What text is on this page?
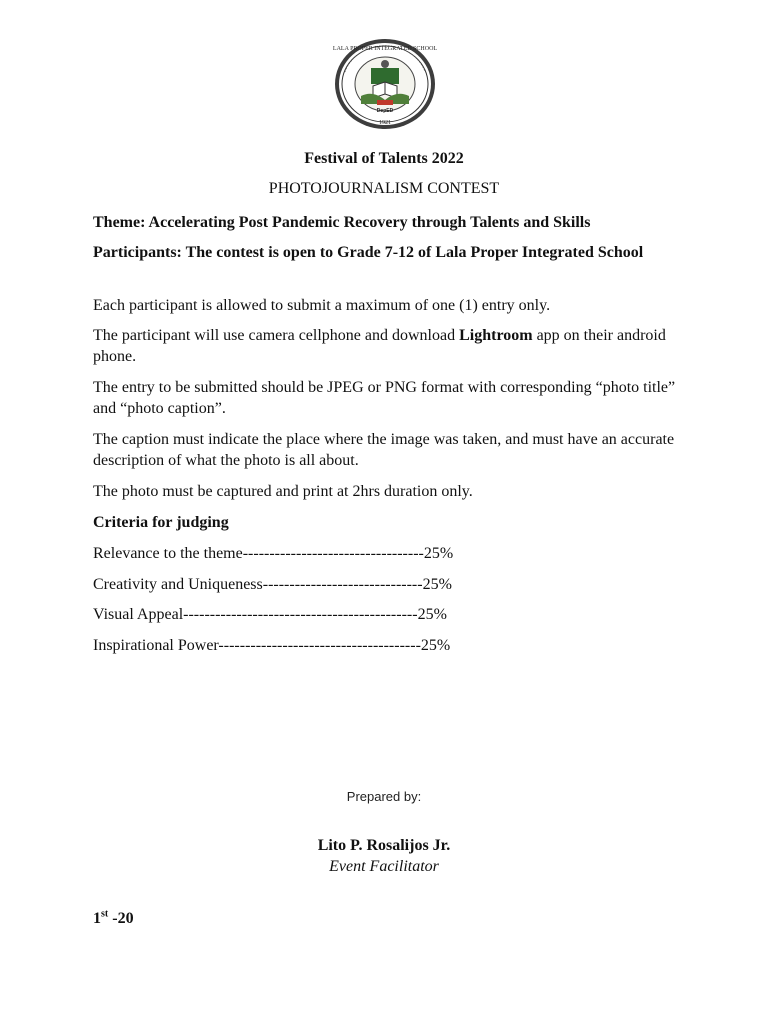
LALA PROPER INTEGRATED SCHOOL
DepED
1921
Festival of Talents 2022
PHOTOJOURNALISM CONTEST
Theme: Accelerating Post Pandemic Recovery through Talents and Skills
Participants: The contest is open to Grade 7-12 of Lala Proper Integrated School
Each participant is allowed to submit a maximum of one (1) entry only.
The participant will use camera cellphone and download Lightroom app on their android phone.
The entry to be submitted should be JPEG or PNG format with corresponding “photo title” and “photo caption”.
The caption must indicate the place where the image was taken, and must have an accurate description of what the photo is all about.
The photo must be captured and print at 2hrs duration only.
Criteria for judging
Relevance to the theme----------------------------------25%
Creativity and Uniqueness------------------------------25%
Visual Appeal--------------------------------------------25%
Inspirational Power--------------------------------------25%
Prepared by:
Lito P. Rosalijos Jr.
Event Facilitator
1st -20
